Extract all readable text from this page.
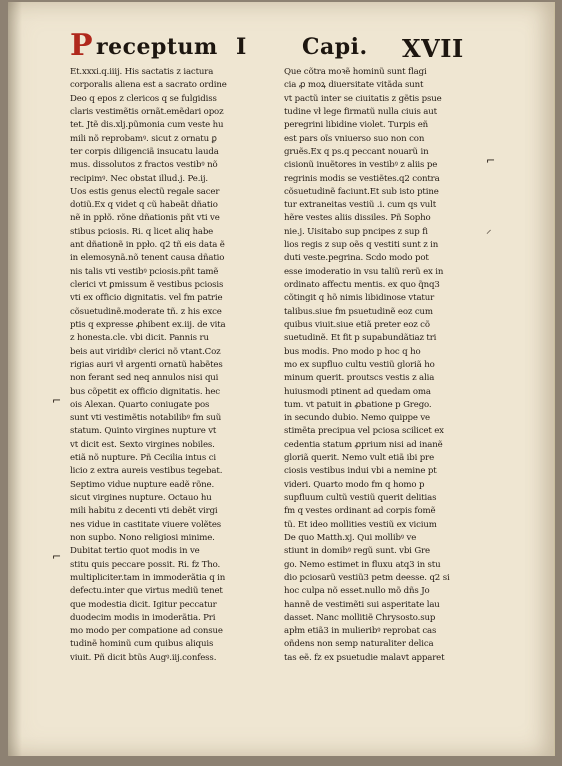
P receptum I	Capi. XVII
Et.xxxi.q.iiij. His sactatis z iactura
corporalis aliena est a sacrato ordine
Deo q epos z clericos q se fulgidiss
claris vestimẽtis ornãt.emẽdari opoz
tet. Jtẽ dis.xlj.pũmonia cum veste hu
mili nõ reprobamꝰ. sicut z ornatu ꝑ
ter corpis diligenciã insucatu lauda
mus. dissolutos z fractos vestibꝰ nõ
recipimꝰ. Nec obstat illud.j. Pe.ij.
Uos estis genus electũ regale sacer
dotiũ.Ex q videt q cũ habeãt dñatio
nẽ in ppłõ. rõne dñationis pñt vti ve
stibus pciosis. Ri. q licet aliq habe
ant dñationẽ in ppło. q2 tñ eis data ẽ
in elemosynã.nõ tenent causa dñatio
nis talis vti vestibꝰ pciosis.pñt tamẽ
clerici vt ꝑmissum ẽ vestibus pciosis
vti ex officio dignitatis. vel fm patrie
cõsuetudinẽ.moderate tñ. z his exce
ptis q expresse ꝓhibent ex.iij. de vita
z honesta.cle. vbi dicit. Pannis ru
beis aut viridibꝰ clerici nõ vtant.Coz
rigias auri vł argenti ornatũ habẽtes
non ferant sed neq annulos nisi qui
bus cõpetit ex officio dignitatis. hec
ois Alexan. Quarto coniugate pos
sunt vti vestimẽtis notabilibꝰ fm suũ
statum. Quinto virgines nupture vt
vt dicit est. Sexto virgines nobiles.
etiã nõ nupture. Pñ Cecilia intus ci
licio z extra aureis vestibus tegebat.
Septimo vidue nupture eadẽ rõne.
sicut virgines nupture. Octauo hu
mili habitu z decenti vti debẽt virgi
nes vidue in castitate viuere volẽtes
non supbo. Nono religiosi minime.
Dubitat tertio quot modis in ve
stitu quis peccare possit. Ri. fz Tho.
multipliciter.tam in immoderãtia q in
defectu.inter que virtus mediũ tenet
que modestia dicit. Igitur peccatur
duodecim modis in imoderãtia. Pri
mo modo per compatione ad consue
tudinẽ hominũ cum quibus aliquis
viuit. Pñ dicit btũs Augꝰ.iij.confess.
Que cõtra moꝛẽ hominũ sunt flagi
cia ꝓ moꝝ diuersitate vitãda sunt
vt pactũ inter se ciuitatis z gẽtis psue
tudine vł lege firmatũ nulla ciuis aut
peregrini libidine violet. Turpis eñ
est pars oĩs vniuerso suo non con
gruẽs.Ex q ps.q peccant nouarũ in
cisionũ inuẽtores in vestibꝰ z aliis pe
regrinis modis se vestiẽtes.q2 contra
cõsuetudinẽ faciunt.Et sub isto ptine
tur extraneitas vestiũ .i. cum qs vult
hẽre vestes aliis dissiles. Pñ Sopho
nie.j. Uisitabo sup pncipes z sup fi
lios regis z sup oẽs q vestiti sunt z in
duti veste.pegrina. Scdo modo pot
esse imoderatio in vsu taliũ rerũ ex in
ordinato affectu mentis. ex quo q̃nq3
cõtingit q hõ nimis libidinose vtatur
talibus.siue fm psuetudinẽ eoz cum
quibus viuit.siue etiã preter eoz cõ
suetudinẽ. Et fit p supabundãtiaz tri
bus modis. Pno modo p hoc q ho
mo ex supfluo cultu vestiũ gloriã ho
minum querit. proutscs vestis z alia
huiusmodi ptinent ad quedam oma
tum. vt patuit in ꝓbatione p Grego.
in secundo dubio. Nemo quippe ve
stimẽta precipua vel pciosa scilicet ex
cedentia statum ꝓprium nisi ad inanẽ
gloriã querit. Nemo vult etiã ibi pre
ciosis vestibus indui vbi a nemine pt
videri. Quarto modo fm q homo p
supfluum cultũ vestiũ querit delitias
fm q vestes ordinant ad corpis fomẽ
tũ. Et ideo mollities vestiũ ex vicium
De quo Matth.xj. Qui mollibꝰ ve
stiunt in domibꝰ regũ sunt. vbi Gre
go. Nemo estimet in fluxu atq3 in stu
dio pciosarũ vestiũ3 petm deesse. q2 si
hoc culpa nõ esset.nullo mõ dñs Jo
hannẽ de vestimẽti sui asperitate lau
dasset. Nanc mollitiẽ Chrysosto.sup
apłm etiã3 in mulieribꝰ reprobat cas
oñdens non semp naturaliter delica
tas eẽ. fz ex psuetudie malavt apparet
⌐
⌐
⌐
⸝
